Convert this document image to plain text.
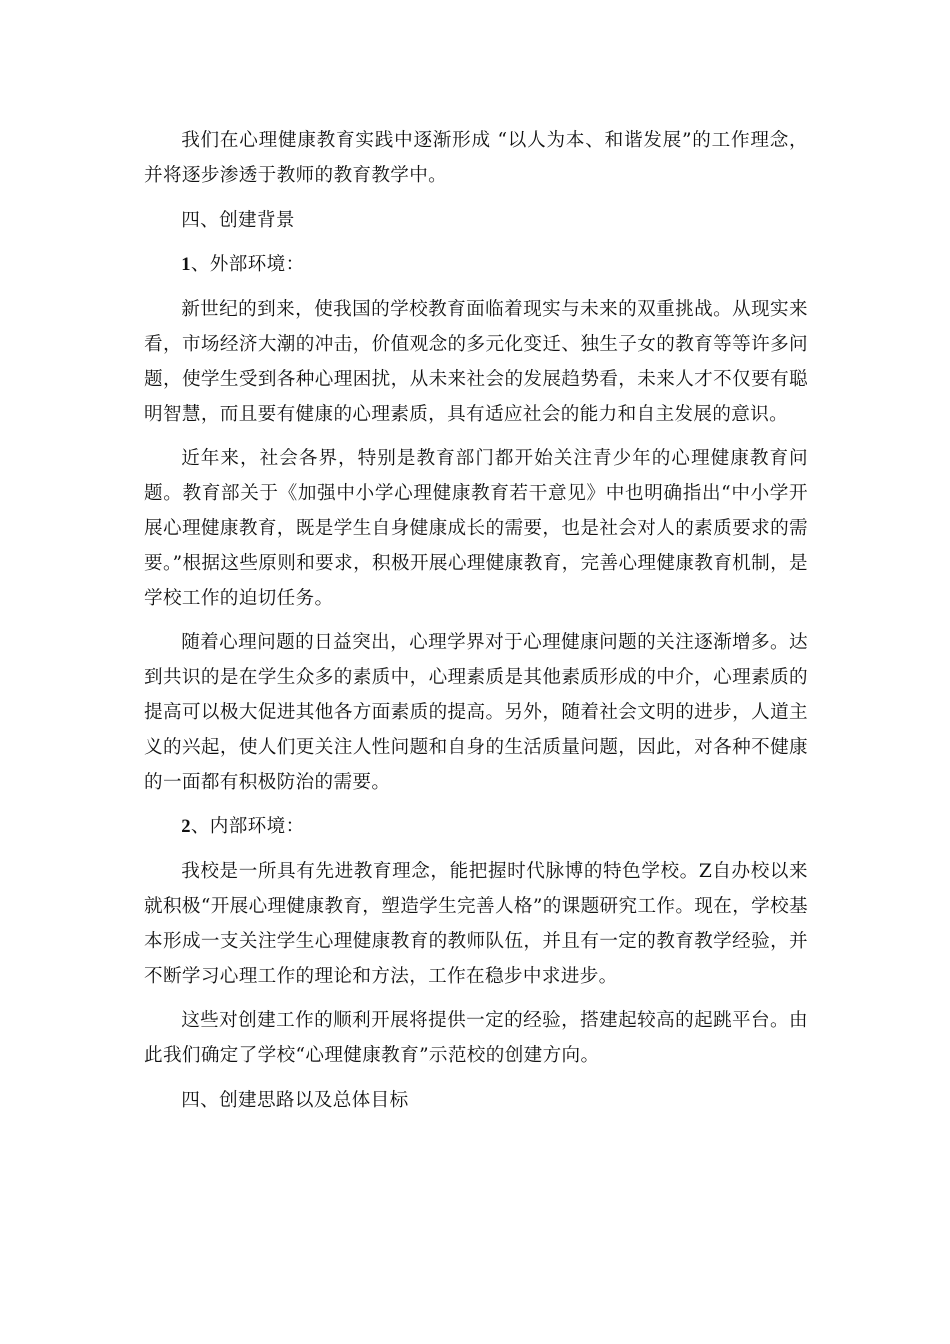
我们在心理健康教育实践中逐渐形成 “以人为本、和谐发展”的工作理念，并将逐步渗透于教师的教育教学中。

四、创建背景

1、外部环境：

新世纪的到来，使我国的学校教育面临着现实与未来的双重挑战。从现实来看，市场经济大潮的冲击，价值观念的多元化变迁、独生子女的教育等等许多问题，使学生受到各种心理困扰，从未来社会的发展趋势看，未来人才不仅要有聪明智慧，而且要有健康的心理素质，具有适应社会的能力和自主发展的意识。

近年来，社会各界，特别是教育部门都开始关注青少年的心理健康教育问题。教育部关于《加强中小学心理健康教育若干意见》中也明确指出“中小学开展心理健康教育，既是学生自身健康成长的需要，也是社会对人的素质要求的需要。”根据这些原则和要求，积极开展心理健康教育，完善心理健康教育机制，是学校工作的迫切任务。

随着心理问题的日益突出，心理学界对于心理健康问题的关注逐渐增多。达到共识的是在学生众多的素质中，心理素质是其他素质形成的中介，心理素质的提高可以极大促进其他各方面素质的提高。另外，随着社会文明的进步，人道主义的兴起，使人们更关注人性问题和自身的生活质量问题，因此，对各种不健康的一面都有积极防治的需要。

2、内部环境：

我校是一所具有先进教育理念，能把握时代脉博的特色学校。Z自办校以来就积极“开展心理健康教育，塑造学生完善人格”的课题研究工作。现在，学校基本形成一支关注学生心理健康教育的教师队伍，并且有一定的教育教学经验，并不断学习心理工作的理论和方法，工作在稳步中求进步。

这些对创建工作的顺利开展将提供一定的经验，搭建起较高的起跳平台。由此我们确定了学校“心理健康教育”示范校的创建方向。

四、创建思路以及总体目标
